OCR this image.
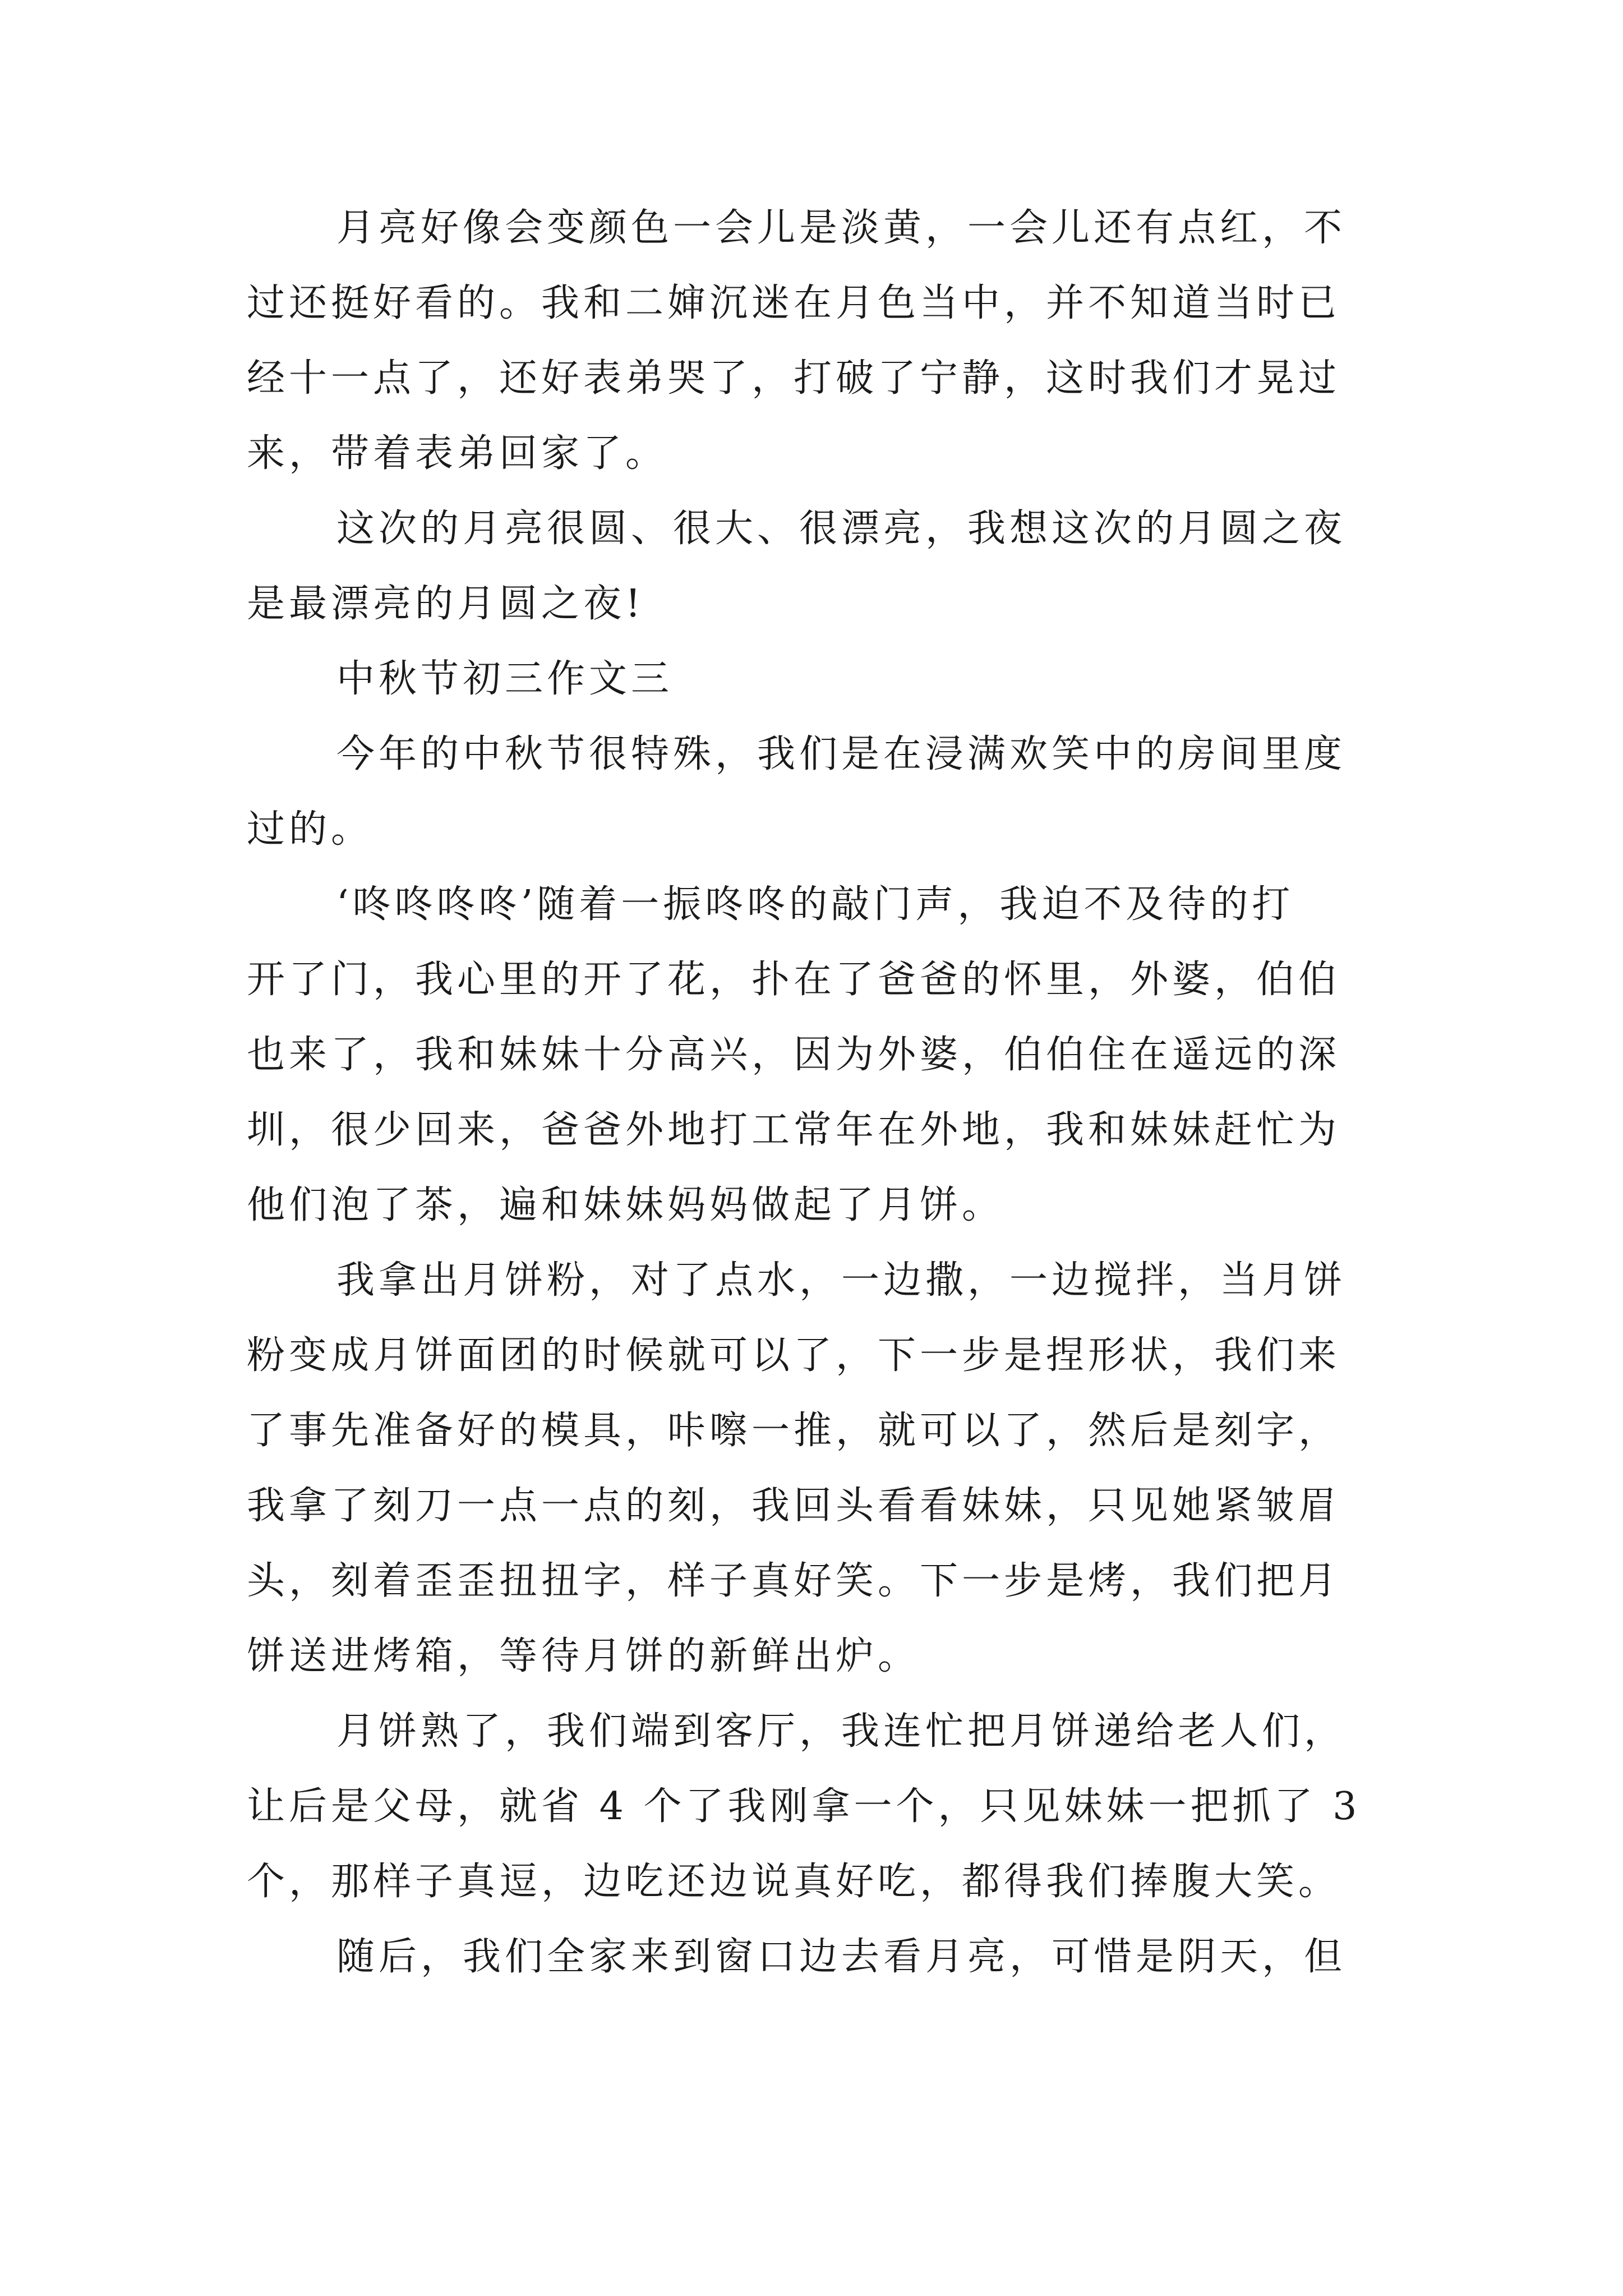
月亮好像会变颜色一会儿是淡黄，一会儿还有点红，不
过还挺好看的。我和二婶沉迷在月色当中，并不知道当时已
经十一点了，还好表弟哭了，打破了宁静，这时我们才晃过
来，带着表弟回家了。
这次的月亮很圆、很大、很漂亮，我想这次的月圆之夜
是最漂亮的月圆之夜!
中秋节初三作文三
今年的中秋节很特殊，我们是在浸满欢笑中的房间里度
过的。
‘咚咚咚咚’随着一振咚咚的敲门声，我迫不及待的打
开了门，我心里的开了花，扑在了爸爸的怀里，外婆，伯伯
也来了，我和妹妹十分高兴，因为外婆，伯伯住在遥远的深
圳，很少回来，爸爸外地打工常年在外地，我和妹妹赶忙为
他们泡了茶，遍和妹妹妈妈做起了月饼。
我拿出月饼粉，对了点水，一边撒，一边搅拌，当月饼
粉变成月饼面团的时候就可以了，下一步是捏形状，我们来
了事先准备好的模具，咔嚓一推，就可以了，然后是刻字，
我拿了刻刀一点一点的刻，我回头看看妹妹，只见她紧皱眉
头，刻着歪歪扭扭字，样子真好笑。下一步是烤，我们把月
饼送进烤箱，等待月饼的新鲜出炉。
月饼熟了，我们端到客厅，我连忙把月饼递给老人们，
让后是父母，就省 4 个了我刚拿一个，只见妹妹一把抓了 3
个，那样子真逗，边吃还边说真好吃，都得我们捧腹大笑。
随后，我们全家来到窗口边去看月亮，可惜是阴天，但
